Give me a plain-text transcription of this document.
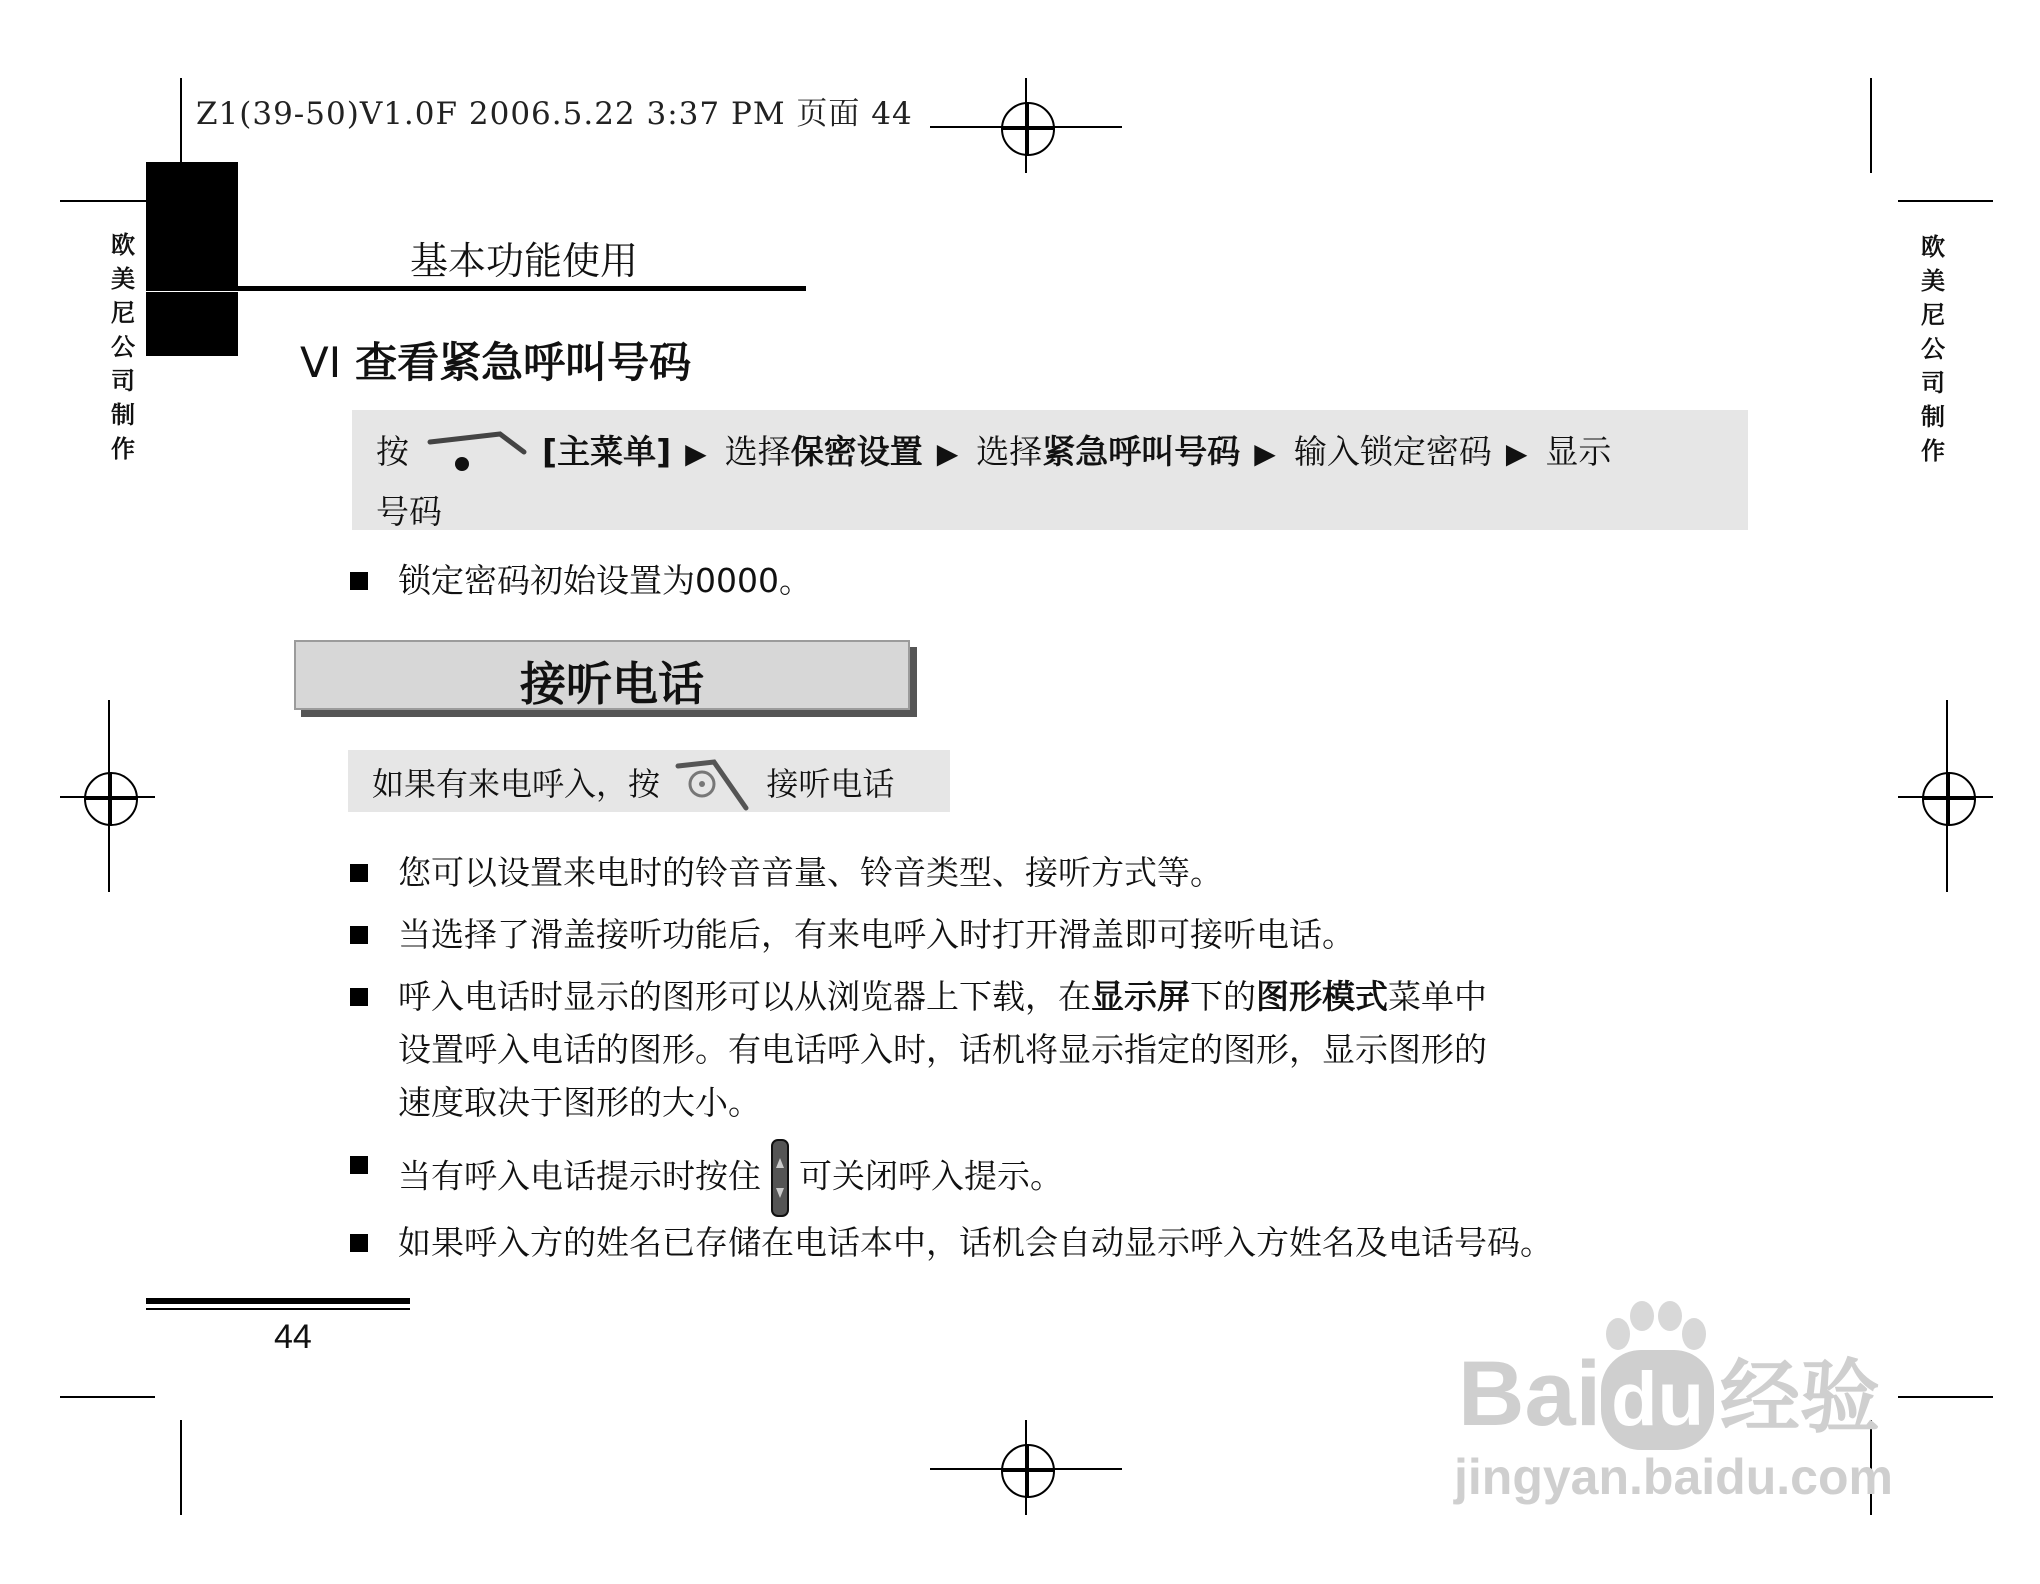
Z1(39-50)V1.0F 2006.5.22 3:37 PM 页面 44
欧
美
尼
公
司
制
作
欧
美
尼
公
司
制
作
基本功能使用
VI 查看紧急呼叫号码
按	[主菜单] ▶ 选择保密设置 ▶ 选择紧急呼叫号码 ▶ 输入锁定密码 ▶ 显示
号码
锁定密码初始设置为0000。
接听电话
如果有来电呼入，按	接听电话
您可以设置来电时的铃音音量、铃音类型、接听方式等。
当选择了滑盖接听功能后，有来电呼入时打开滑盖即可接听电话。
呼入电话时显示的图形可以从浏览器上下载，在显示屏下的图形模式菜单中
设置呼入电话的图形。有电话呼入时，话机将显示指定的图形，显示图形的
速度取决于图形的大小。
当有呼入电话提示时按住 可关闭呼入提示。
如果呼入方的姓名已存储在电话本中，话机会自动显示呼入方姓名及电话号码。
44
Bai du 经验
jingyan.baidu.com
